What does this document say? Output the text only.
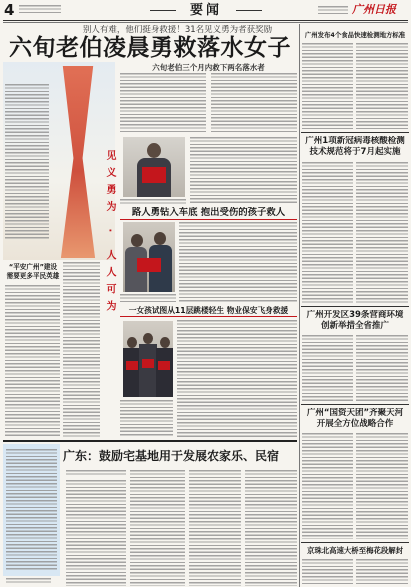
4	要闻	广州日报
别人有难，他们挺身救援！31名见义勇为者获奖励
六旬老伯凌晨勇救落水女子
六旬老伯三个月内救下两名落水者
见义勇为 · 人人可为
“平安广州”建设
需要更多平民英雄
路人勇钻入车底 抱出受伤的孩子救人
一女孩试图从11层跳楼轻生 物业保安飞身救援
广东：鼓励宅基地用于发展农家乐、民宿
广州发布4个食品快速检测地方标准
广州1项新冠病毒核酸检测
技术规范将于7月起实施
广州开发区39条营商环境
创新举措全省推广
广州“国资天团”齐聚天河
开展全方位战略合作
京珠北高速大桥至梅花段解封
